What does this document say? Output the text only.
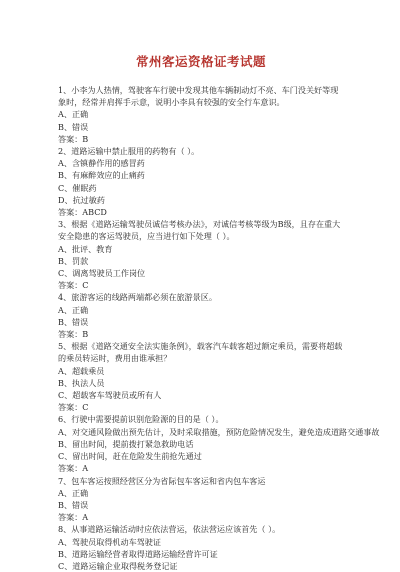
常州客运资格证考试题
1、小李为人热情，驾驶客车行驶中发现其他车辆制动灯不亮、车门没关好等现象时，经常并肩挥手示意，说明小李具有较强的安全行车意识。
A、正确
B、错误
答案：B
2、道路运输中禁止服用的药物有（ ）。
A、含镇静作用的感冒药
B、有麻醉效应的止痛药
C、催眠药
D、抗过敏药
答案：ABCD
3、根据《道路运输驾驶员诚信考核办法》，对诚信考核等级为B级，且存在重大安全隐患的客运驾驶员，应当进行如下处理（ ）。
A、批评、教育
B、罚款
C、调离驾驶员工作岗位
答案：C
4、旅游客运的线路两端都必须在旅游景区。
A、正确
B、错误
答案：B
5、根据《道路交通安全法实施条例》，载客汽车载客超过额定乘员，需要将超载的乘员转运时，费用由谁承担？
A、超载乘员
B、执法人员
C、超载客车驾驶员或所有人
答案：C
6、行驶中需要提前识别危险源的目的是（ ）。
A、对交通风险做出预先估计，及时采取措施，预防危险情况发生，避免造成道路交通事故
B、留出时间，提前拨打紧急救助电话
C、留出时间，赶在危险发生前抢先通过
答案：A
7、包车客运按照经营区分为省际包车客运和省内包车客运
A、正确
B、错误
答案：A
8、从事道路运输活动时应依法营运，依法营运应该首先（ ）。
A、驾驶员取得机动车驾驶证
B、道路运输经营者取得道路运输经营许可证
C、道路运输企业取得税务登记证
